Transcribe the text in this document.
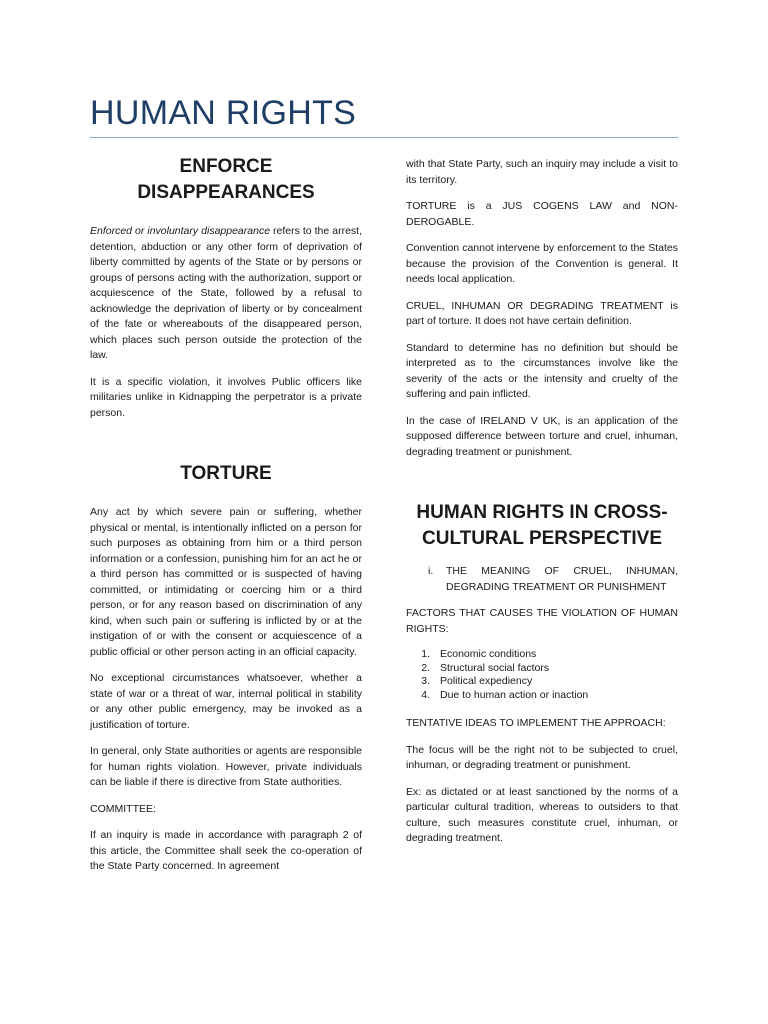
HUMAN RIGHTS
ENFORCE DISAPPEARANCES

Enforced or involuntary disappearance refers to the arrest, detention, abduction or any other form of deprivation of liberty committed by agents of the State or by persons or groups of persons acting with the authorization, support or acquiescence of the State, followed by a refusal to acknowledge the deprivation of liberty or by concealment of the fate or whereabouts of the disappeared person, which places such person outside the protection of the law.

It is a specific violation, it involves Public officers like militaries unlike in Kidnapping the perpetrator is a private person.

TORTURE

Any act by which severe pain or suffering, whether physical or mental, is intentionally inflicted on a person for such purposes as obtaining from him or a third person information or a confession, punishing him for an act he or a third person has committed or is suspected of having committed, or intimidating or coercing him or a third person, or for any reason based on discrimination of any kind, when such pain or suffering is inflicted by or at the instigation of or with the consent or acquiescence of a public official or other person acting in an official capacity.

No exceptional circumstances whatsoever, whether a state of war or a threat of war, internal political in stability or any other public emergency, may be invoked as a justification of torture.

In general, only State authorities or agents are responsible for human rights violation. However, private individuals can be liable if there is directive from State authorities.

COMMITTEE:

If an inquiry is made in accordance with paragraph 2 of this article, the Committee shall seek the co-operation of the State Party concerned. In agreement

with that State Party, such an inquiry may include a visit to its territory.

TORTURE is a JUS COGENS LAW and NON-DEROGABLE.

Convention cannot intervene by enforcement to the States because the provision of the Convention is general. It needs local application.

CRUEL, INHUMAN OR DEGRADING TREATMENT is part of torture. It does not have certain definition.

Standard to determine has no definition but should be interpreted as to the circumstances involve like the severity of the acts or the intensity and cruelty of the suffering and pain inflicted.

In the case of IRELAND V UK, is an application of the supposed difference between torture and cruel, inhuman, degrading treatment or punishment.

HUMAN RIGHTS IN CROSS-CULTURAL PERSPECTIVE
i.	THE MEANING OF CRUEL, INHUMAN, DEGRADING TREATMENT OR PUNISHMENT

FACTORS THAT CAUSES THE VIOLATION OF HUMAN RIGHTS:

1. Economic conditions
2. Structural social factors
3. Political expediency
4. Due to human action or inaction

TENTATIVE IDEAS TO IMPLEMENT THE APPROACH:

The focus will be the right not to be subjected to cruel, inhuman, or degrading treatment or punishment.

Ex: as dictated or at least sanctioned by the norms of a particular cultural tradition, whereas to outsiders to that culture, such measures constitute cruel, inhuman, or degrading treatment.
